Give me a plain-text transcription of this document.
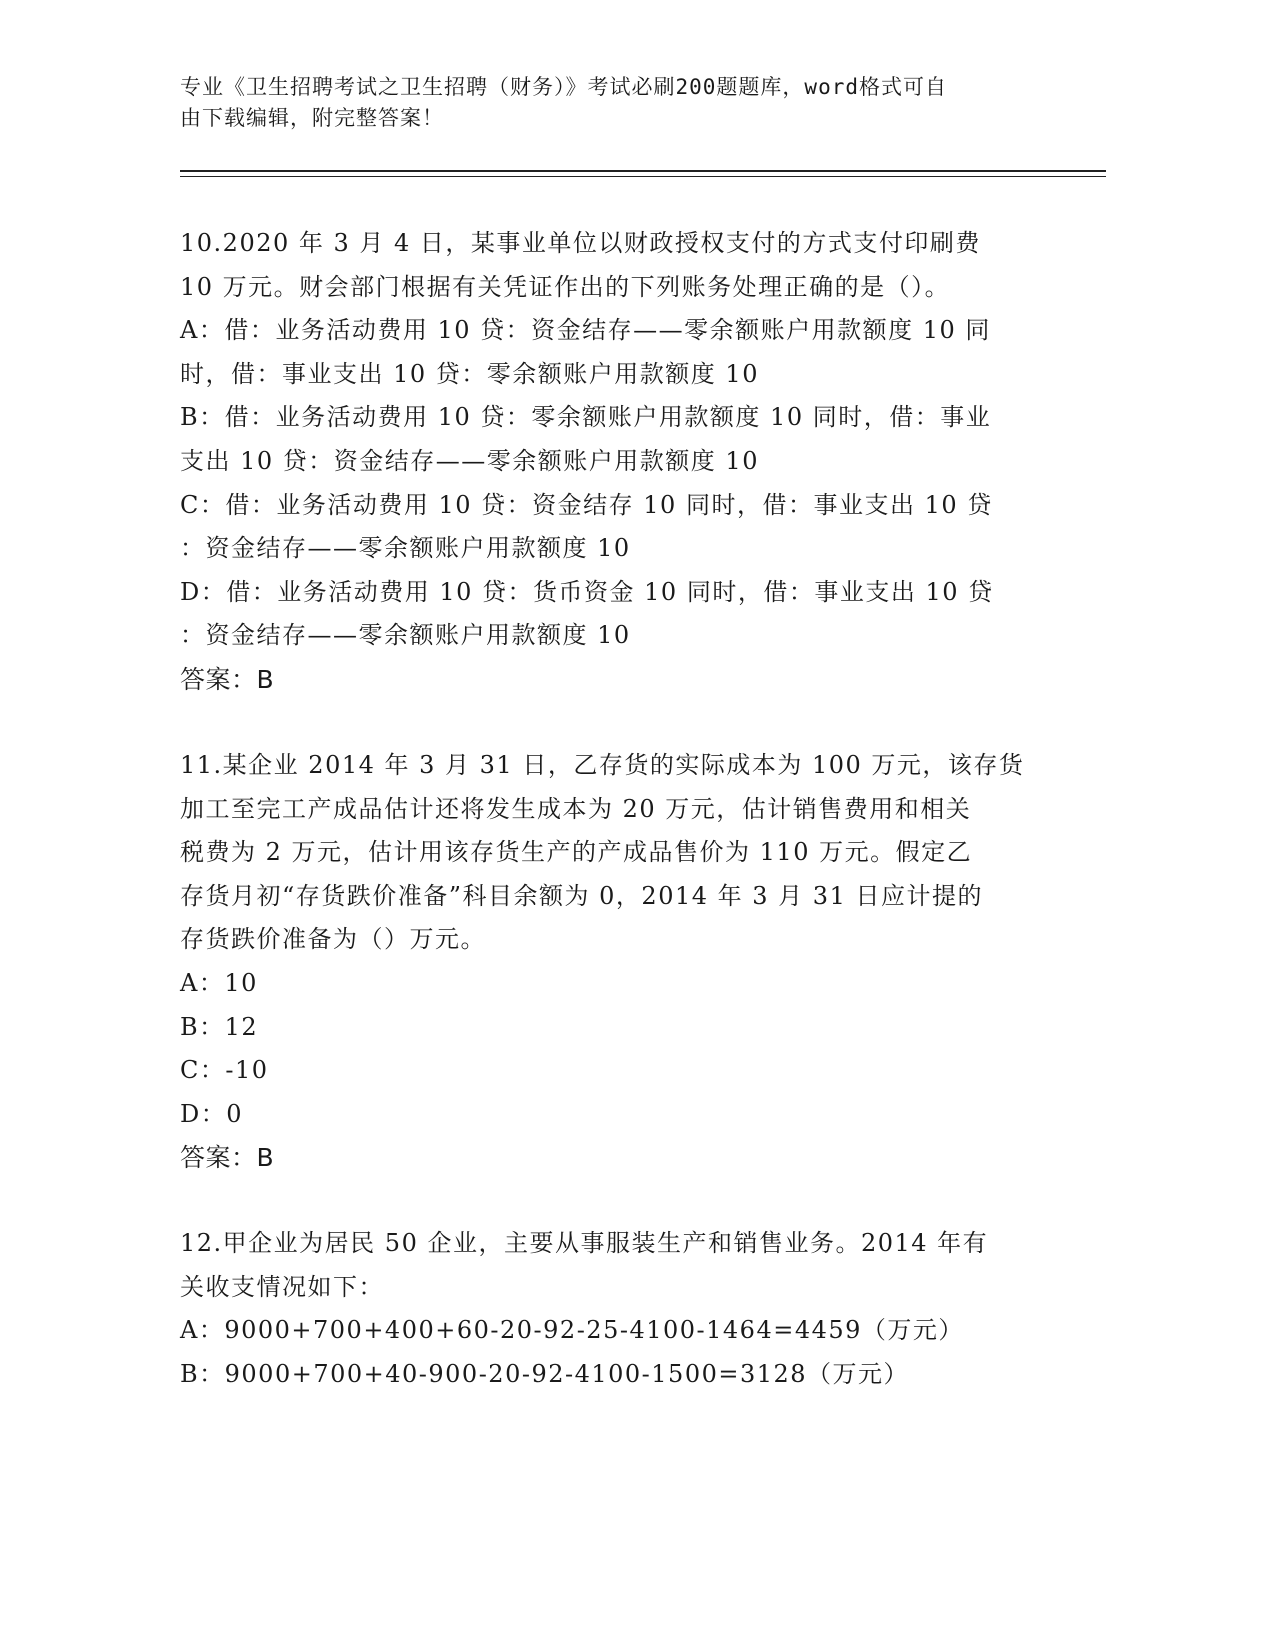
专业《卫生招聘考试之卫生招聘（财务）》考试必刷200题题库，word格式可自
由下载编辑，附完整答案！
10.2020 年 3 月 4 日，某事业单位以财政授权支付的方式支付印刷费
10 万元。财会部门根据有关凭证作出的下列账务处理正确的是（）。
A：借：业务活动费用 10 贷：资金结存——零余额账户用款额度 10 同
时，借：事业支出 10 贷：零余额账户用款额度 10
B：借：业务活动费用 10 贷：零余额账户用款额度 10 同时，借：事业
支出 10 贷：资金结存——零余额账户用款额度 10
C：借：业务活动费用 10 贷：资金结存 10 同时，借：事业支出 10 贷
：资金结存——零余额账户用款额度 10
D：借：业务活动费用 10 贷：货币资金 10 同时，借：事业支出 10 贷
：资金结存——零余额账户用款额度 10
答案：B
11.某企业 2014 年 3 月 31 日，乙存货的实际成本为 100 万元，该存货
加工至完工产成品估计还将发生成本为 20 万元，估计销售费用和相关
税费为 2 万元，估计用该存货生产的产成品售价为 110 万元。假定乙
存货月初“存货跌价准备”科目余额为 0，2014 年 3 月 31 日应计提的
存货跌价准备为（）万元。
A：10
B：12
C：-10
D：0
答案：B
12.甲企业为居民 50 企业，主要从事服装生产和销售业务。2014 年有
关收支情况如下：
A：9000+700+400+60-20-92-25-4100-1464=4459（万元）
B：9000+700+40-900-20-92-4100-1500=3128（万元）
